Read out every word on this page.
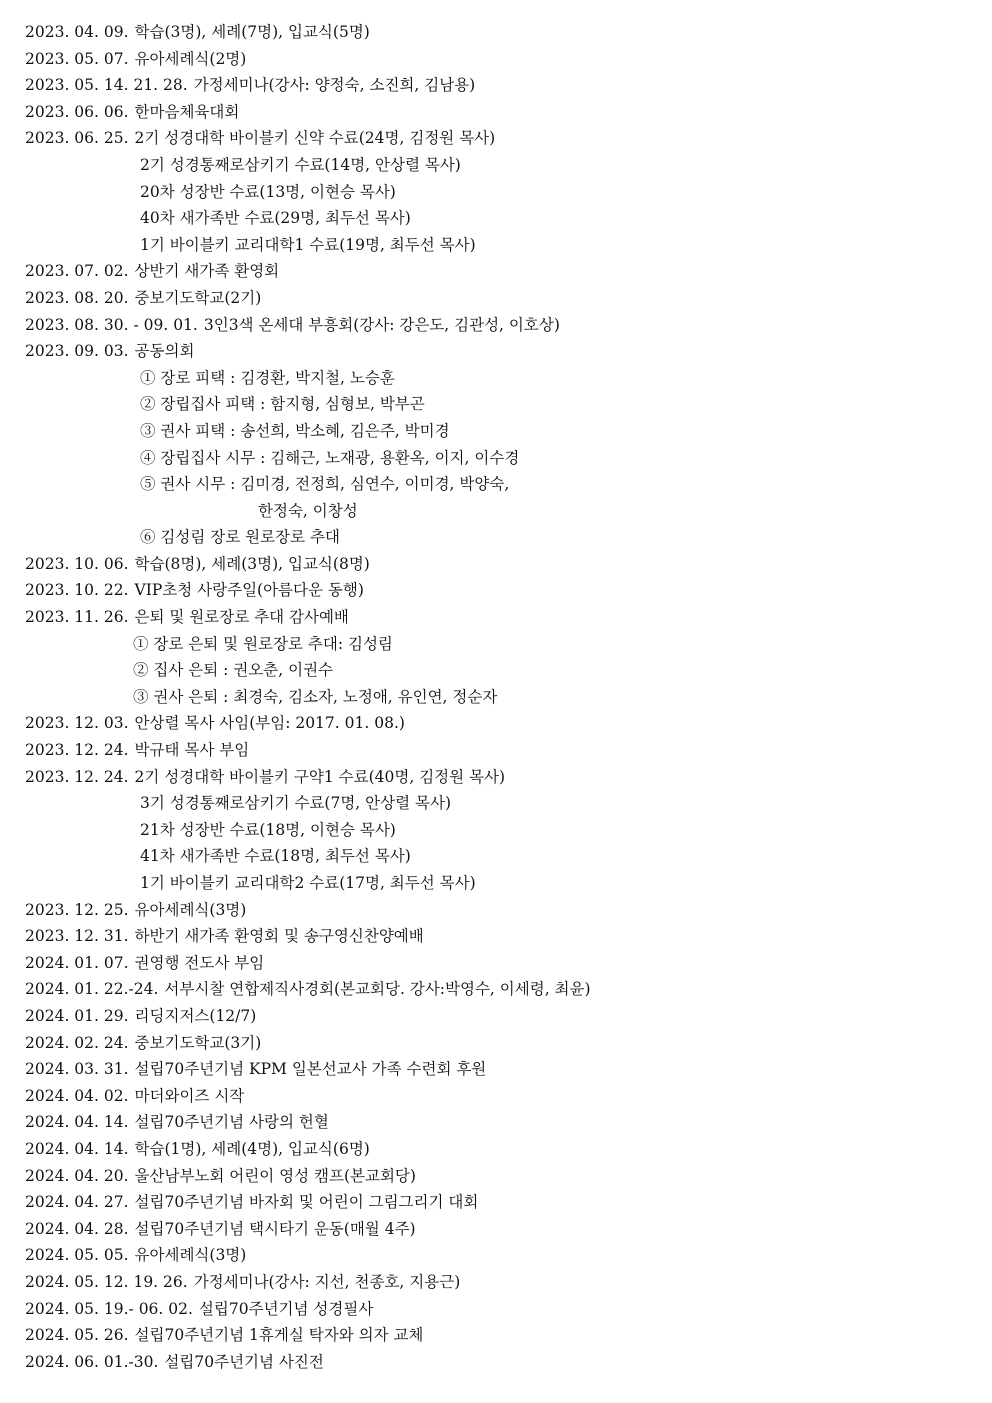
2023. 04. 09. 학습(3명), 세례(7명), 입교식(5명)
2023. 05. 07. 유아세례식(2명)
2023. 05. 14. 21. 28. 가정세미나(강사: 양정숙, 소진희, 김남용)
2023. 06. 06. 한마음체육대회
2023. 06. 25. 2기 성경대학 바이블키 신약 수료(24명, 김정원 목사)
2기 성경통째로삼키기 수료(14명, 안상렬 목사)
20차 성장반 수료(13명, 이현승 목사)
40차 새가족반 수료(29명, 최두선 목사)
1기 바이블키 교리대학1 수료(19명, 최두선 목사)
2023. 07. 02. 상반기 새가족 환영회
2023. 08. 20. 중보기도학교(2기)
2023. 08. 30. - 09. 01. 3인3색 온세대 부흥회(강사: 강은도, 김관성, 이호상)
2023. 09. 03. 공동의회
① 장로 피택 : 김경환, 박지철, 노승훈
② 장립집사 피택 : 함지형, 심형보, 박부곤
③ 권사 피택 : 송선희, 박소혜, 김은주, 박미경
④ 장립집사 시무 : 김해근, 노재광, 용환옥, 이지, 이수경
⑤ 권사 시무 : 김미경, 전정희, 심연수, 이미경, 박양숙,
한정숙, 이창성
⑥ 김성림 장로 원로장로 추대
2023. 10. 06. 학습(8명), 세례(3명), 입교식(8명)
2023. 10. 22. VIP초청 사랑주일(아름다운 동행)
2023. 11. 26. 은퇴 및 원로장로 추대 감사예배
① 장로 은퇴 및 원로장로 추대: 김성림
② 집사 은퇴 : 권오춘, 이권수
③ 권사 은퇴 : 최경숙, 김소자, 노정애, 유인연, 정순자
2023. 12. 03. 안상렬 목사 사임(부임: 2017. 01. 08.)
2023. 12. 24. 박규태 목사 부임
2023. 12. 24. 2기 성경대학 바이블키 구약1 수료(40명, 김정원 목사)
3기 성경통째로삼키기 수료(7명, 안상렬 목사)
21차 성장반 수료(18명, 이현승 목사)
41차 새가족반 수료(18명, 최두선 목사)
1기 바이블키 교리대학2 수료(17명, 최두선 목사)
2023. 12. 25. 유아세례식(3명)
2023. 12. 31. 하반기 새가족 환영회 및 송구영신찬양예배
2024. 01. 07. 권영행 전도사 부임
2024. 01. 22.-24. 서부시찰 연합제직사경회(본교회당. 강사:박영수, 이세령, 최윤)
2024. 01. 29. 리딩지저스(12/7)
2024. 02. 24. 중보기도학교(3기)
2024. 03. 31. 설립70주년기념 KPM 일본선교사 가족 수련회 후원
2024. 04. 02. 마더와이즈 시작
2024. 04. 14. 설립70주년기념 사랑의 헌혈
2024. 04. 14. 학습(1명), 세례(4명), 입교식(6명)
2024. 04. 20. 울산남부노회 어린이 영성 캠프(본교회당)
2024. 04. 27. 설립70주년기념 바자회 및 어린이 그림그리기 대회
2024. 04. 28. 설립70주년기념 택시타기 운동(매월 4주)
2024. 05. 05. 유아세례식(3명)
2024. 05. 12. 19. 26. 가정세미나(강사: 지선, 천종호, 지용근)
2024. 05. 19.- 06. 02. 설립70주년기념 성경필사
2024. 05. 26. 설립70주년기념 1휴게실 탁자와 의자 교체
2024. 06. 01.-30. 설립70주년기념 사진전
